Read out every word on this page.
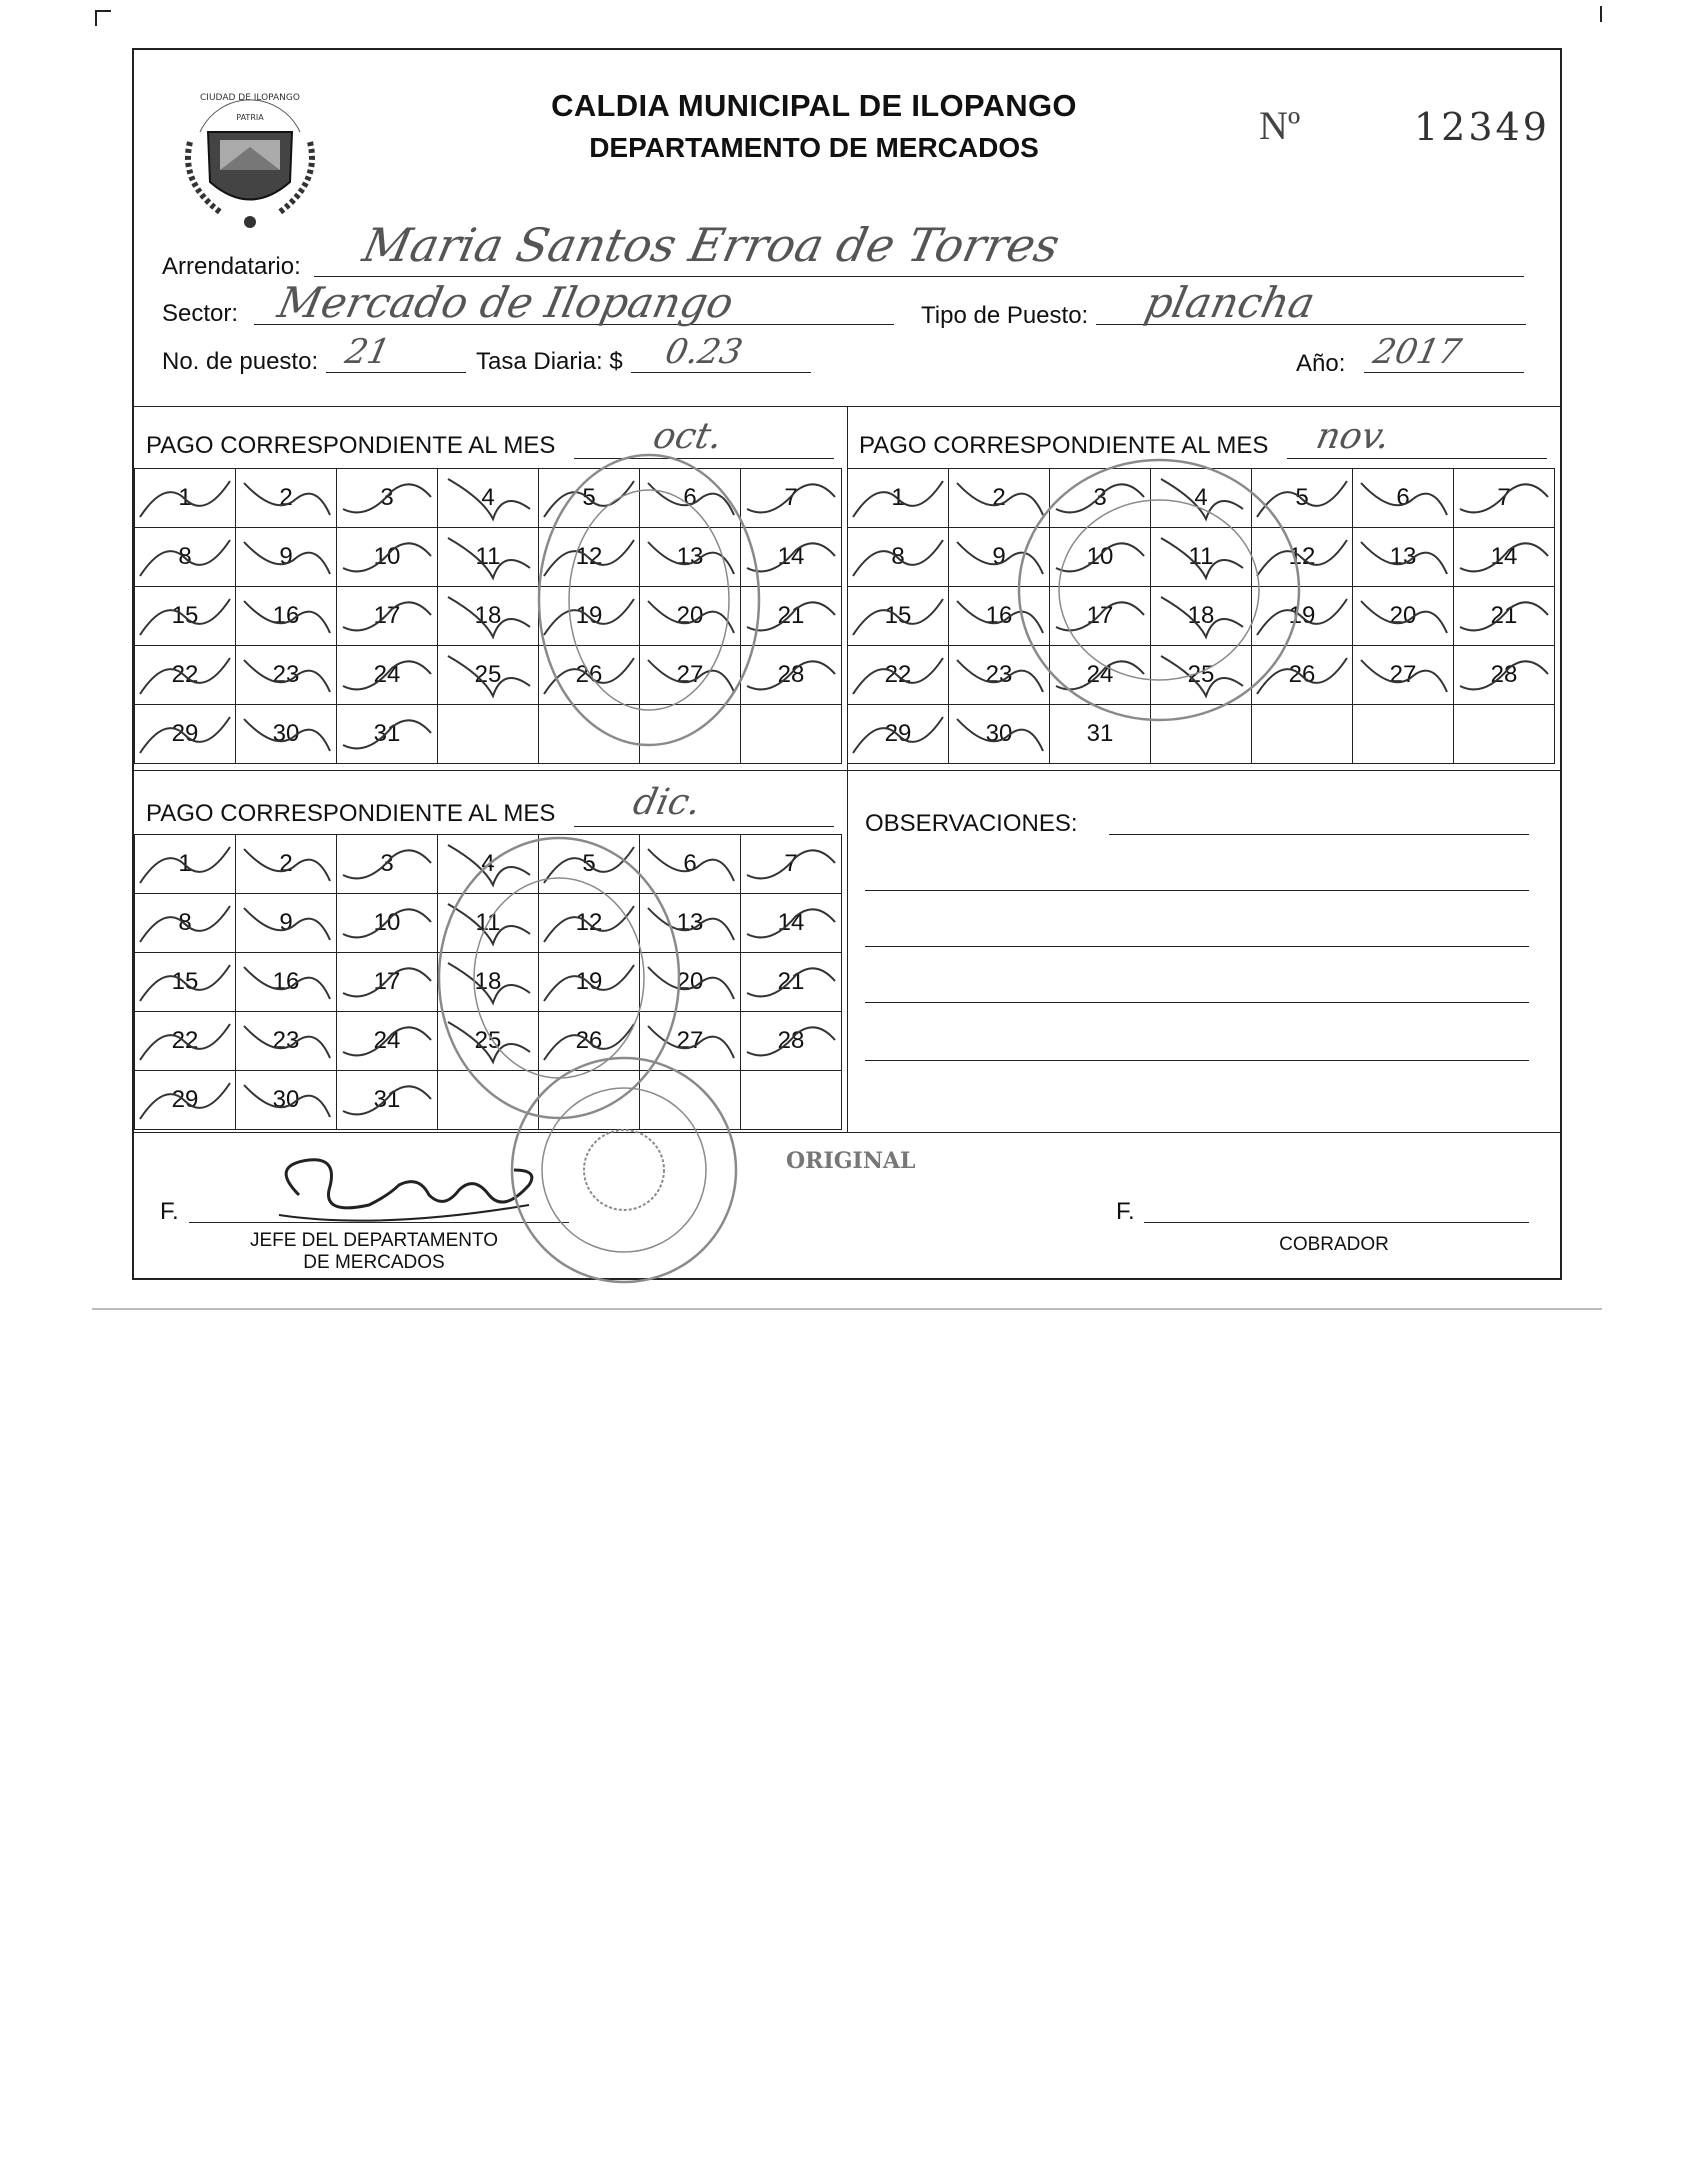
CIUDAD DE ILOPANGO
PATRIA	CALDIA MUNICIPAL DE ILOPANGO
DEPARTAMENTO DE MERCADOS	Nº	12349
Arrendatario: Maria Santos Erroa de Torres
Sector: Mercado de Ilopango	Tipo de Puesto: plancha
No. de puesto: 21	Tasa Diaria: $ 0.23	Año: 2017
PAGO CORRESPONDIENTE AL MES	oct.
1	2	3	4	5	6	7

8	9	10	11	12	13	14

15	16	17	18	19	20	21

22	23	24	25	26	27	28

29	30	31

PAGO CORRESPONDIENTE AL MES nov.
1	2	3	4	5	6	7

8	9	10	11	12	13	14

15	16	17	18	19	20	21

22	23	24	25	26	27	28

29	30	31				
PAGO CORRESPONDIENTE AL MES dic.
1	2	3	4	5	6	7

8	9	10	11	12	13	14

15	16	17	18	19	20	21

22	23	24	25	26	27	28

29	30	31

OBSERVACIONES:
F.
JEFE DEL DEPARTAMENTO
DE MERCADOS
ORIGINAL
F.
COBRADOR
